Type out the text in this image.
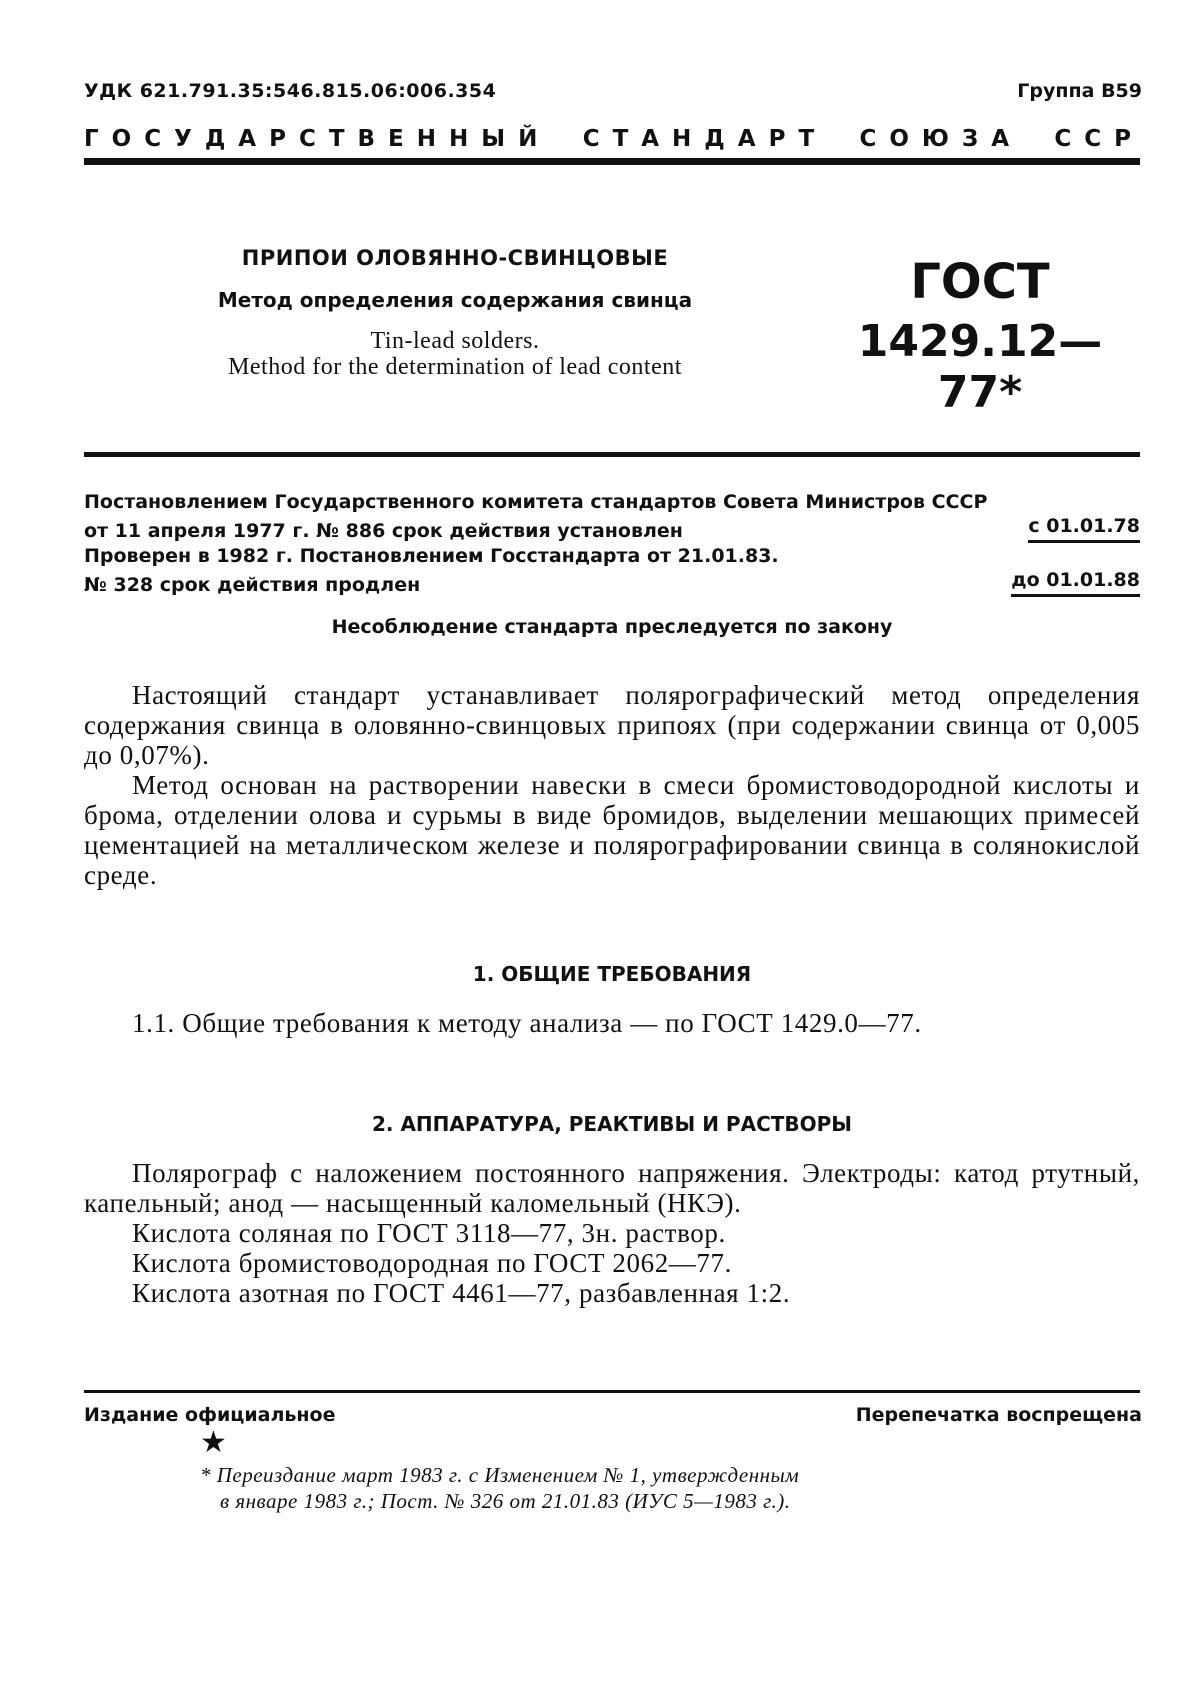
УДК 621.791.35:546.815.06:006.354	Группа В59
ГОСУДАРСТВЕННЫЙ СТАНДАРТ СОЮЗА ССР
ПРИПОИ ОЛОВЯННО-СВИНЦОВЫЕ
Метод определения содержания свинца
Tin-lead solders.
Method for the determination of lead content
ГОСТ
1429.12—77*
Постановлением Государственного комитета стандартов Совета Министров СССР
от 11 апреля 1977 г. № 886 срок действия установлен	с 01.01.78
Проверен в 1982 г. Постановлением Госстандарта от 21.01.83.
№ 328 срок действия продлен	до 01.01.88
Несоблюдение стандарта преследуется по закону

Настоящий стандарт устанавливает полярографический метод определения содержания свинца в оловянно-свинцовых припоях (при содержании свинца от 0,005 до 0,07%).

Метод основан на растворении навески в смеси бромистоводородной кислоты и брома, отделении олова и сурьмы в виде бромидов, выделении мешающих примесей цементацией на металлическом железе и полярографировании свинца в солянокислой среде.

1. ОБЩИЕ ТРЕБОВАНИЯ

1.1. Общие требования к методу анализа — по ГОСТ 1429.0—77.

2. АППАРАТУРА, РЕАКТИВЫ И РАСТВОРЫ

Полярограф с наложением постоянного напряжения. Электроды: катод ртутный, капельный; анод — насыщенный каломельный (НКЭ).

Кислота соляная по ГОСТ 3118—77, 3н. раствор.

Кислота бромистоводородная по ГОСТ 2062—77.

Кислота азотная по ГОСТ 4461—77, разбавленная 1:2.

Издание официальное	Перепечатка воспрещена
★
* Переиздание март 1983 г. с Изменением № 1, утвержденным
в январе 1983 г.; Пост. № 326 от 21.01.83 (ИУС 5—1983 г.).
